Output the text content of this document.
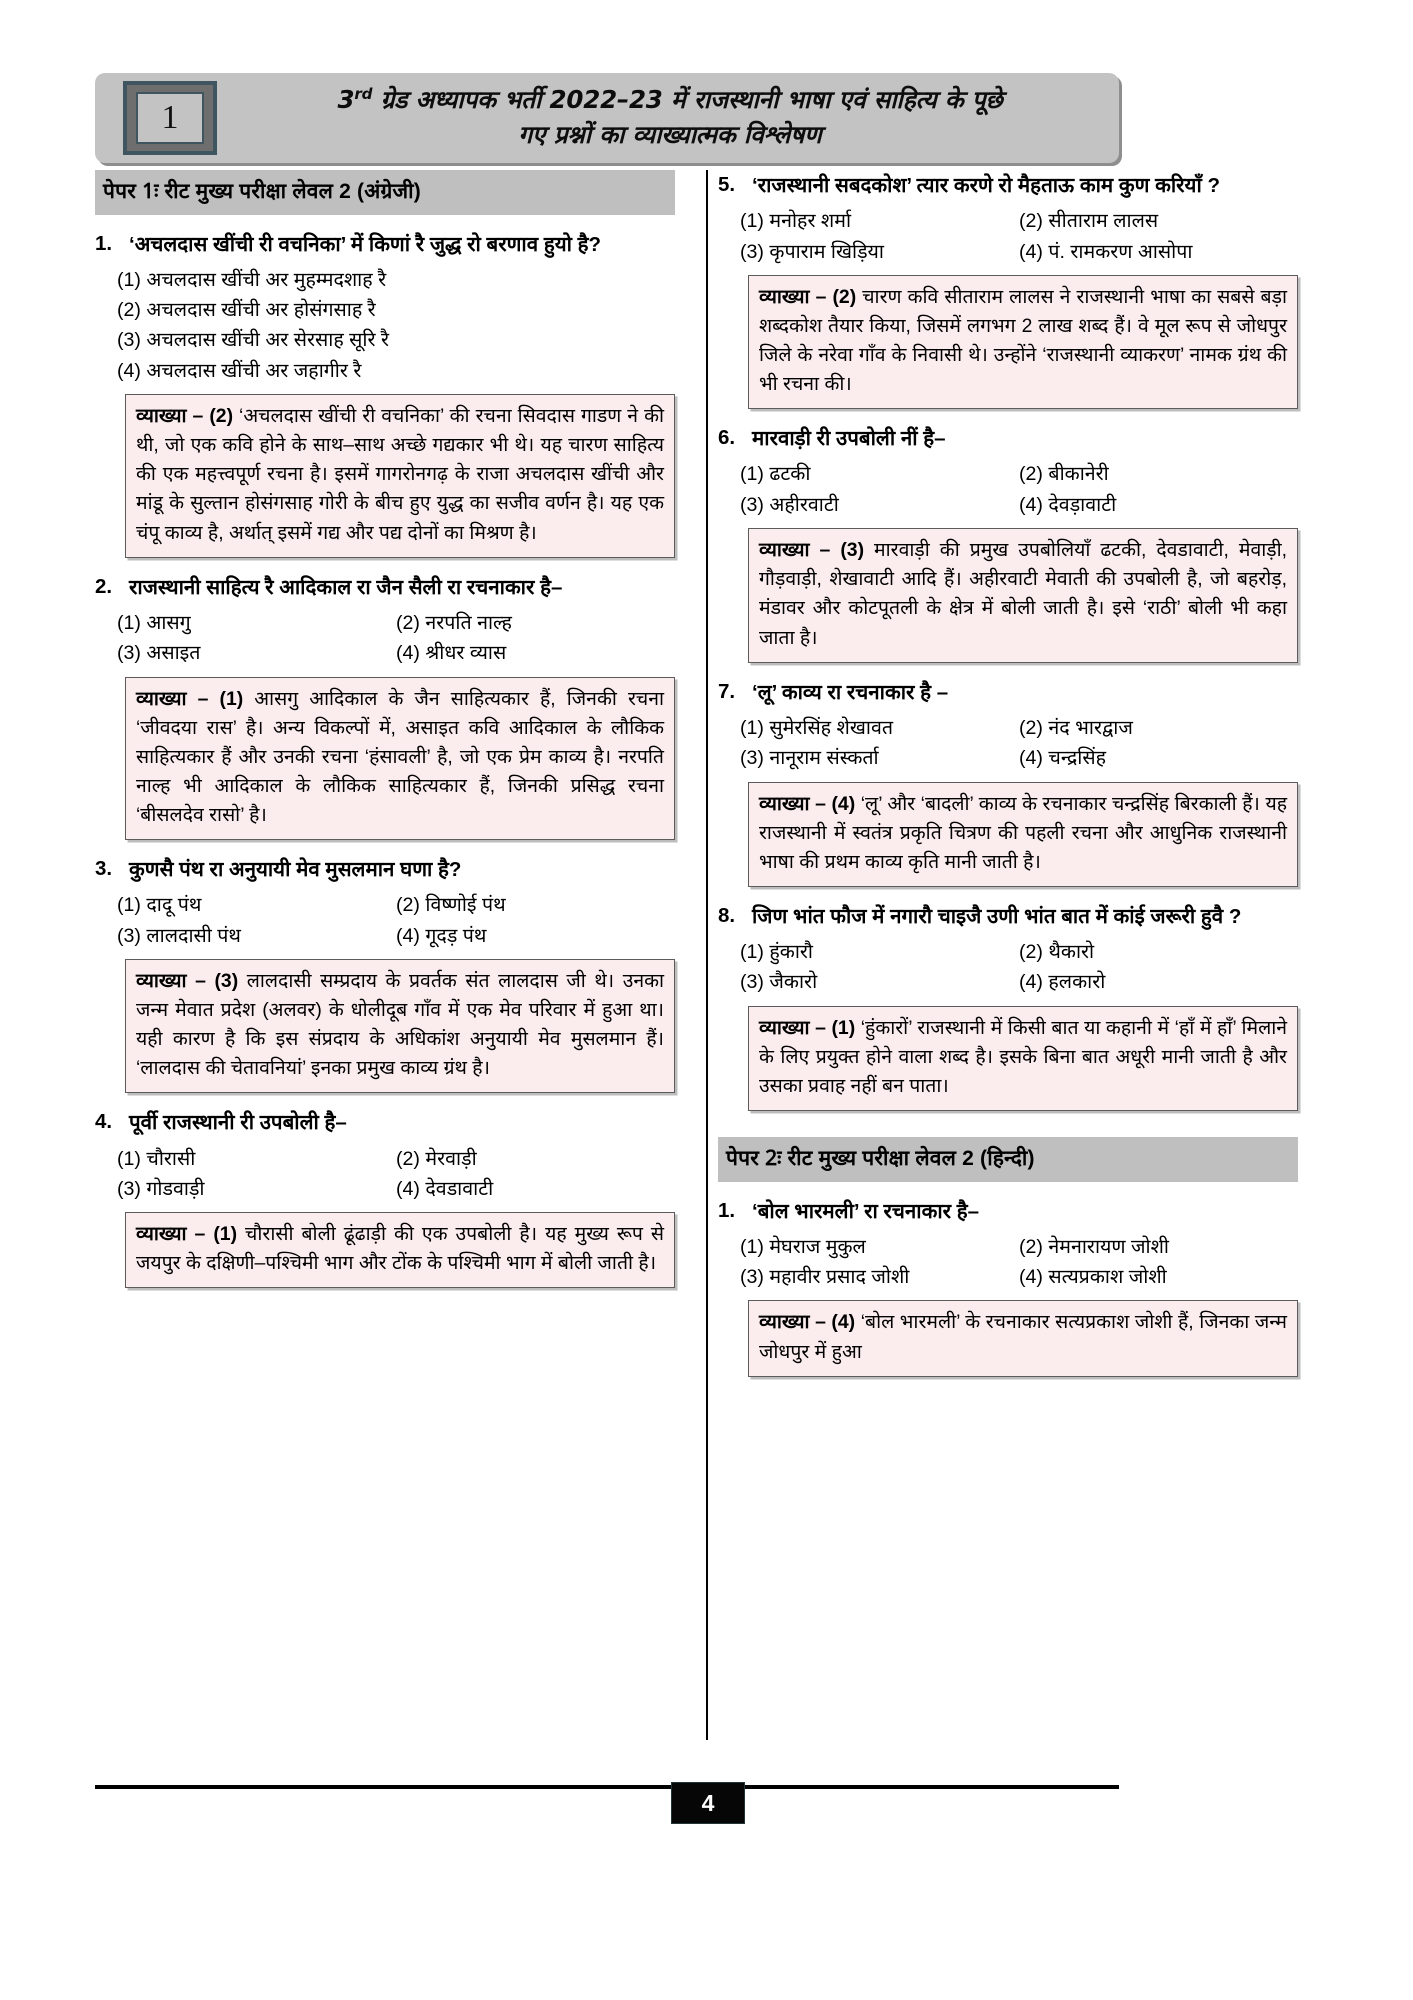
1	3rd ग्रेड अध्यापक भर्ती 2022–23 में राजस्थानी भाषा एवं साहित्य के पूछे
गए प्रश्नों का व्याख्यात्मक विश्लेषण
पेपर 1ः रीट मुख्य परीक्षा लेवल 2 (अंग्रेजी)
1. ‘अचलदास खींची री वचनिका’ में किणां रै जुद्ध रो बरणाव हुयो है?
(1) अचलदास खींची अर मुहम्मदशाह रै
(2) अचलदास खींची अर होसंगसाह रै
(3) अचलदास खींची अर सेरसाह सूरि रै
(4) अचलदास खींची अर जहागीर रै
व्याख्या – (2) ‘अचलदास खींची री वचनिका’ की रचना सिवदास गाडण ने की थी, जो एक कवि होने के साथ–साथ अच्छे गद्यकार भी थे। यह चारण साहित्य की एक महत्त्वपूर्ण रचना है। इसमें गागरोनगढ़ के राजा अचलदास खींची और मांडू के सुल्तान होसंगसाह गोरी के बीच हुए युद्ध का सजीव वर्णन है। यह एक चंपू काव्य है, अर्थात् इसमें गद्य और पद्य दोनों का मिश्रण है।
2. राजस्थानी साहित्य रै आदिकाल रा जैन सैली रा रचनाकार है–
(1) आसगु	(2) नरपति नाल्ह
(3) असाइत	(4) श्रीधर व्यास
व्याख्या – (1) आसगु आदिकाल के जैन साहित्यकार हैं, जिनकी रचना ‘जीवदया रास’ है। अन्य विकल्पों में, असाइत कवि आदिकाल के लौकिक साहित्यकार हैं और उनकी रचना ‘हंसावली’ है, जो एक प्रेम काव्य है। नरपति नाल्ह भी आदिकाल के लौकिक साहित्यकार हैं, जिनकी प्रसिद्ध रचना ‘बीसलदेव रासो’ है।
3. कुणसै पंथ रा अनुयायी मेव मुसलमान घणा है?
(1) दादू पंथ	(2) विष्णोई पंथ
(3) लालदासी पंथ	(4) गूदड़ पंथ
व्याख्या – (3) लालदासी सम्प्रदाय के प्रवर्तक संत लालदास जी थे। उनका जन्म मेवात प्रदेश (अलवर) के धोलीदूब गाँव में एक मेव परिवार में हुआ था। यही कारण है कि इस संप्रदाय के अधिकांश अनुयायी मेव मुसलमान हैं। ‘लालदास की चेतावनियां’ इनका प्रमुख काव्य ग्रंथ है।
4. पूर्वी राजस्थानी री उपबोली है–
(1) चौरासी	(2) मेरवाड़ी
(3) गोडवाड़ी	(4) देवडावाटी
व्याख्या – (1) चौरासी बोली ढूंढाड़ी की एक उपबोली है। यह मुख्य रूप से जयपुर के दक्षिणी–पश्चिमी भाग और टोंक के पश्चिमी भाग में बोली जाती है।
5. ‘राजस्थानी सबदकोश’ त्यार करणे रो मैहताऊ काम कुण करियाँ ?
(1) मनोहर शर्मा	(2) सीताराम लालस
(3) कृपाराम खिड़िया	(4) पं. रामकरण आसोपा
व्याख्या – (2) चारण कवि सीताराम लालस ने राजस्थानी भाषा का सबसे बड़ा शब्दकोश तैयार किया, जिसमें लगभग 2 लाख शब्द हैं। वे मूल रूप से जोधपुर जिले के नरेवा गाँव के निवासी थे। उन्होंने ‘राजस्थानी व्याकरण’ नामक ग्रंथ की भी रचना की।
6. मारवाड़ी री उपबोली नीं है–
(1) ढटकी	(2) बीकानेरी
(3) अहीरवाटी	(4) देवड़ावाटी
व्याख्या – (3) मारवाड़ी की प्रमुख उपबोलियाँ ढटकी, देवडावाटी, मेवाड़ी, गौड़वाड़ी, शेखावाटी आदि हैं। अहीरवाटी मेवाती की उपबोली है, जो बहरोड़, मंडावर और कोटपूतली के क्षेत्र में बोली जाती है। इसे ‘राठी’ बोली भी कहा जाता है।
7. ‘लू’ काव्य रा रचनाकार है –
(1) सुमेरसिंह शेखावत	(2) नंद भारद्वाज
(3) नानूराम संस्कर्ता	(4) चन्द्रसिंह
व्याख्या – (4) ‘लू’ और ‘बादली’ काव्य के रचनाकार चन्द्रसिंह बिरकाली हैं। यह राजस्थानी में स्वतंत्र प्रकृति चित्रण की पहली रचना और आधुनिक राजस्थानी भाषा की प्रथम काव्य कृति मानी जाती है।
8. जिण भांत फौज में नगारौ चाइजै उणी भांत बात में कांई जरूरी हुवै ?
(1) हुंकारौ	(2) थैकारो
(3) जैकारो	(4) हलकारो
व्याख्या – (1) ‘हुंकारों’ राजस्थानी में किसी बात या कहानी में ‘हाँ में हाँ’ मिलाने के लिए प्रयुक्त होने वाला शब्द है। इसके बिना बात अधूरी मानी जाती है और उसका प्रवाह नहीं बन पाता।
पेपर 2ः रीट मुख्य परीक्षा लेवल 2 (हिन्दी)
1. ‘बोल भारमली’ रा रचनाकार है–
(1) मेघराज मुकुल	(2) नेमनारायण जोशी
(3) महावीर प्रसाद जोशी	(4) सत्यप्रकाश जोशी
व्याख्या – (4) ‘बोल भारमली’ के रचनाकार सत्यप्रकाश जोशी हैं, जिनका जन्म जोधपुर में हुआ
4
